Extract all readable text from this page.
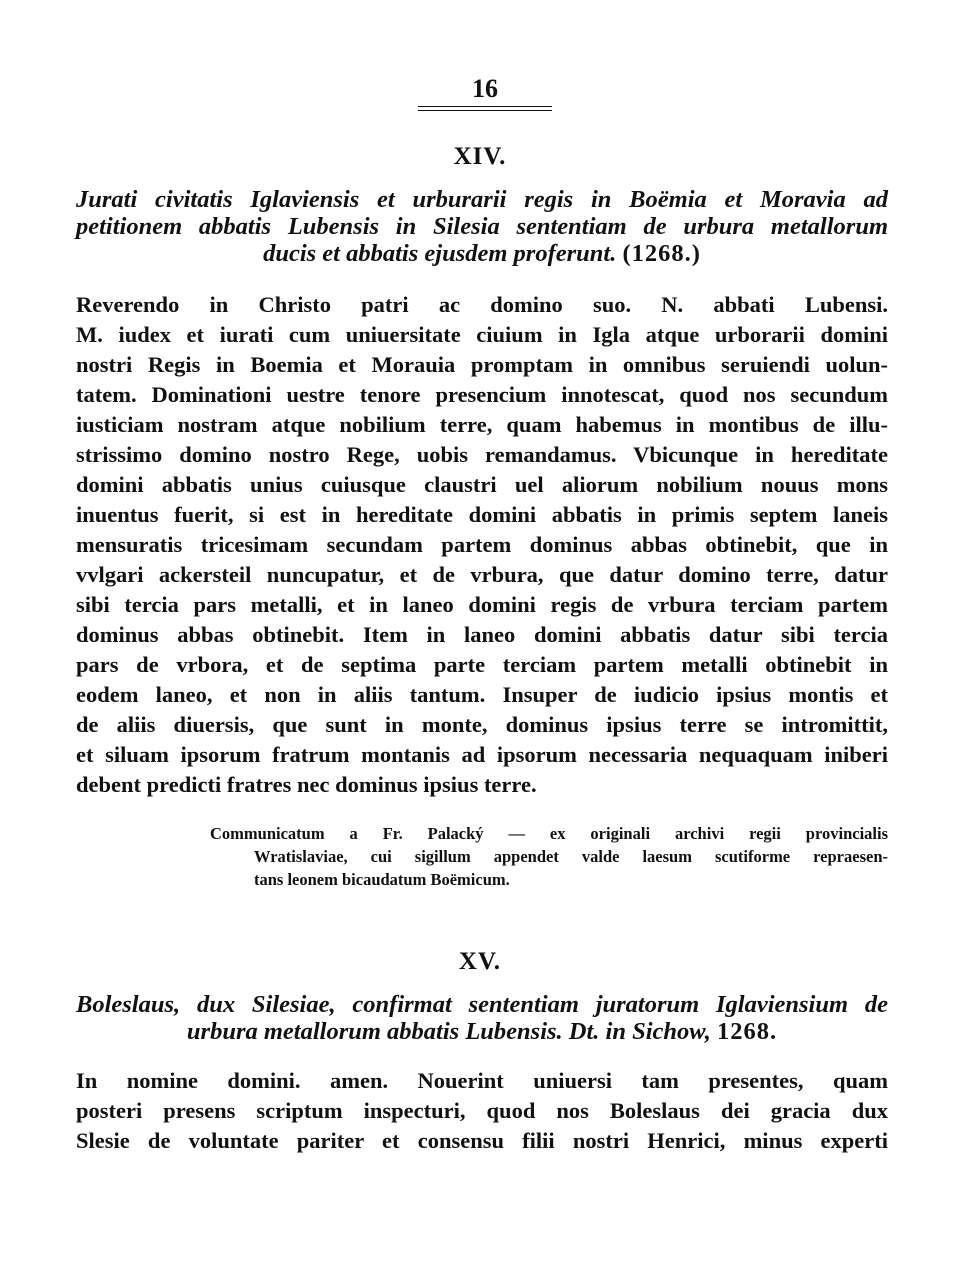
16
XIV.
Jurati civitatis Iglaviensis et urburarii regis in Boëmia et Moravia ad
petitionem abbatis Lubensis in Silesia sententiam de urbura metallorum
ducis et abbatis ejusdem proferunt. (1268.)
Reverendo in Christo patri ac domino suo. N. abbati Lubensi.
M. iudex et iurati cum uniuersitate ciuium in Igla atque urborarii domini
nostri Regis in Boemia et Morauia promptam in omnibus seruiendi uolun-
tatem. Dominationi uestre tenore presencium innotescat, quod nos secundum
iusticiam nostram atque nobilium terre, quam habemus in montibus de illu-
strissimo domino nostro Rege, uobis remandamus. Vbicunque in hereditate
domini abbatis unius cuiusque claustri uel aliorum nobilium nouus mons
inuentus fuerit, si est in hereditate domini abbatis in primis septem laneis
mensuratis tricesimam secundam partem dominus abbas obtinebit, que in
vvlgari ackersteil nuncupatur, et de vrbura, que datur domino terre, datur
sibi tercia pars metalli, et in laneo domini regis de vrbura terciam partem
dominus abbas obtinebit. Item in laneo domini abbatis datur sibi tercia
pars de vrbora, et de septima parte terciam partem metalli obtinebit in
eodem laneo, et non in aliis tantum. Insuper de iudicio ipsius montis et
de aliis diuersis, que sunt in monte, dominus ipsius terre se intromittit,
et siluam ipsorum fratrum montanis ad ipsorum necessaria nequaquam iniberi
debent predicti fratres nec dominus ipsius terre.
Communicatum a Fr. Palacký — ex originali archivi regii provincialis
Wratislaviae, cui sigillum appendet valde laesum scutiforme repraesen-
tans leonem bicaudatum Boëmicum.
XV.
Boleslaus, dux Silesiae, confirmat sententiam juratorum Iglaviensium de
urbura metallorum abbatis Lubensis. Dt. in Sichow, 1268.
In nomine domini. amen. Nouerint uniuersi tam presentes, quam
posteri presens scriptum inspecturi, quod nos Boleslaus dei gracia dux
Slesie de voluntate pariter et consensu filii nostri Henrici, minus experti
